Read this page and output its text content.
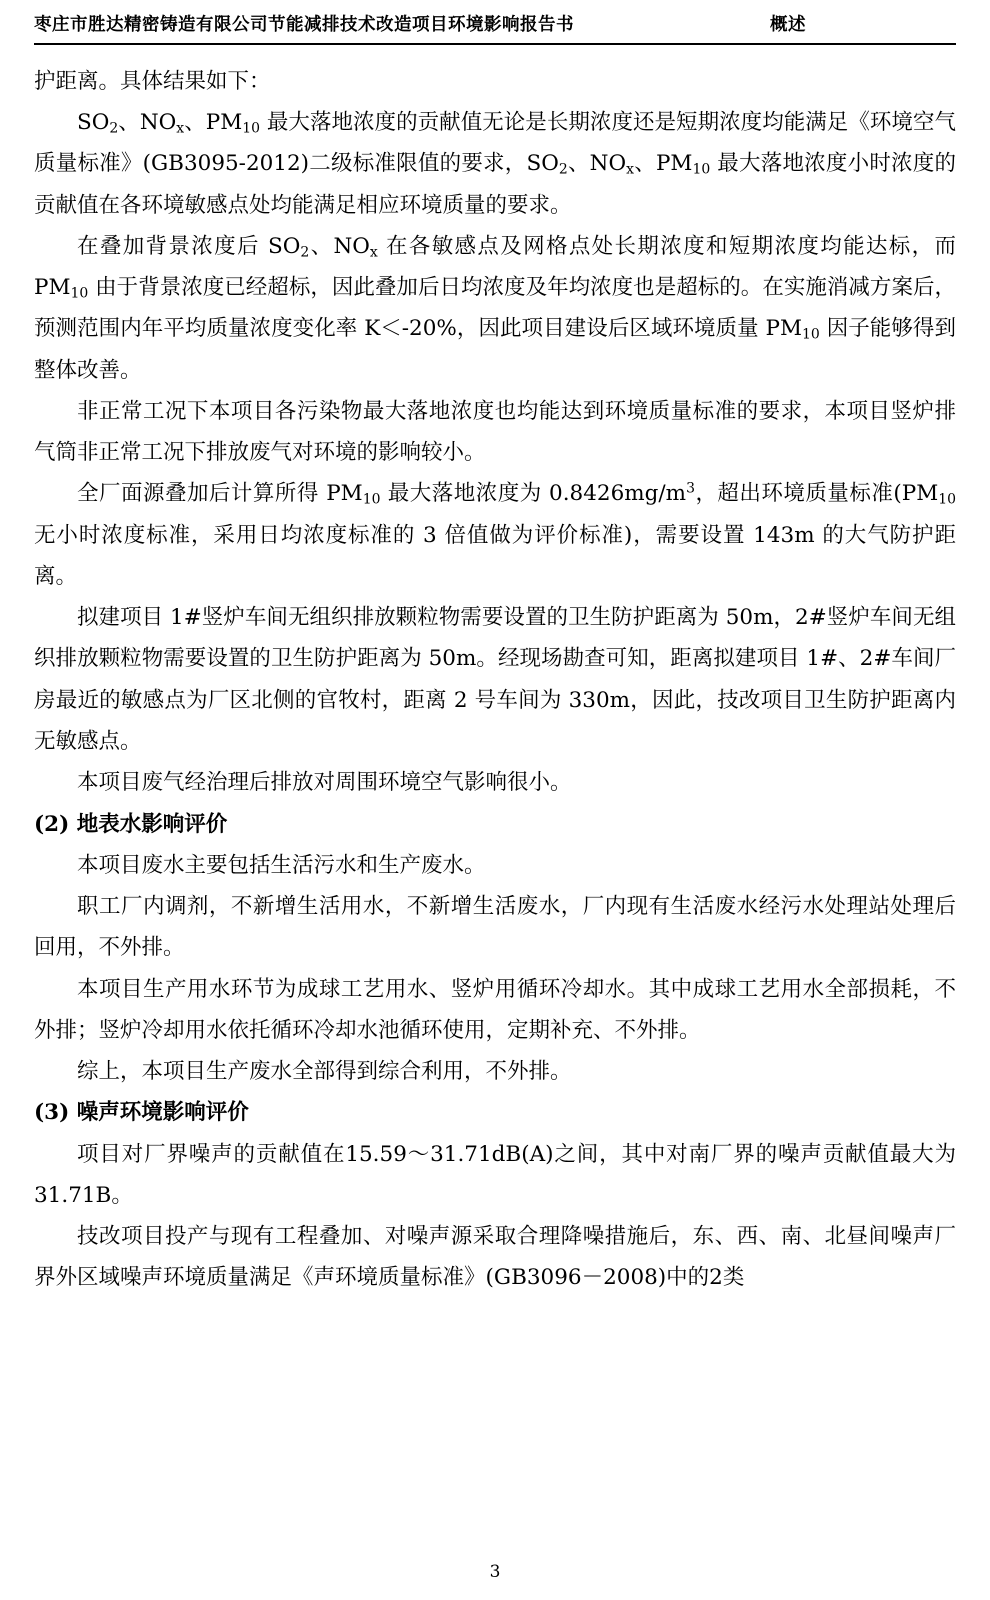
枣庄市胜达精密铸造有限公司节能减排技术改造项目环境影响报告书	概述

护距离。具体结果如下：

$SO_2$、$NO_x$、$PM_{10}$ 最大落地浓度的贡献值无论是长期浓度还是短期浓度均能满足《环境空气质量标准》(GB3095-2012)二级标准限值的要求，$SO_2$、$NO_x$、$PM_{10}$ 最大落地浓度小时浓度的贡献值在各环境敏感点处均能满足相应环境质量的要求。

在叠加背景浓度后 $SO_2$、$NO_x$ 在各敏感点及网格点处长期浓度和短期浓度均能达标，而 $PM_{10}$ 由于背景浓度已经超标，因此叠加后日均浓度及年均浓度也是超标的。在实施消减方案后，预测范围内年平均质量浓度变化率 K＜-20%，因此项目建设后区域环境质量 $PM_{10}$ 因子能够得到整体改善。

非正常工况下本项目各污染物最大落地浓度也均能达到环境质量标准的要求，本项目竖炉排气筒非正常工况下排放废气对环境的影响较小。

全厂面源叠加后计算所得 $PM_{10}$ 最大落地浓度为 $0.8426mg/m^3$，超出环境质量标准($PM_{10}$ 无小时浓度标准，采用日均浓度标准的 3 倍值做为评价标准)，需要设置 143m 的大气防护距离。

拟建项目 1#竖炉车间无组织排放颗粒物需要设置的卫生防护距离为 50m，2#竖炉车间无组织排放颗粒物需要设置的卫生防护距离为 50m。经现场勘查可知，距离拟建项目 1#、2#车间厂房最近的敏感点为厂区北侧的官牧村，距离 2 号车间为 330m，因此，技改项目卫生防护距离内无敏感点。

本项目废气经治理后排放对周围环境空气影响很小。

(2) 地表水影响评价

本项目废水主要包括生活污水和生产废水。

职工厂内调剂，不新增生活用水，不新增生活废水，厂内现有生活废水经污水处理站处理后回用，不外排。

本项目生产用水环节为成球工艺用水、竖炉用循环冷却水。其中成球工艺用水全部损耗，不外排；竖炉冷却用水依托循环冷却水池循环使用，定期补充、不外排。

综上，本项目生产废水全部得到综合利用，不外排。

(3) 噪声环境影响评价

项目对厂界噪声的贡献值在15.59～31.71dB(A)之间，其中对南厂界的噪声贡献值最大为31.71B。

技改项目投产与现有工程叠加、对噪声源采取合理降噪措施后，东、西、南、北昼间噪声厂界外区域噪声环境质量满足《声环境质量标准》(GB3096－2008)中的2类

3
